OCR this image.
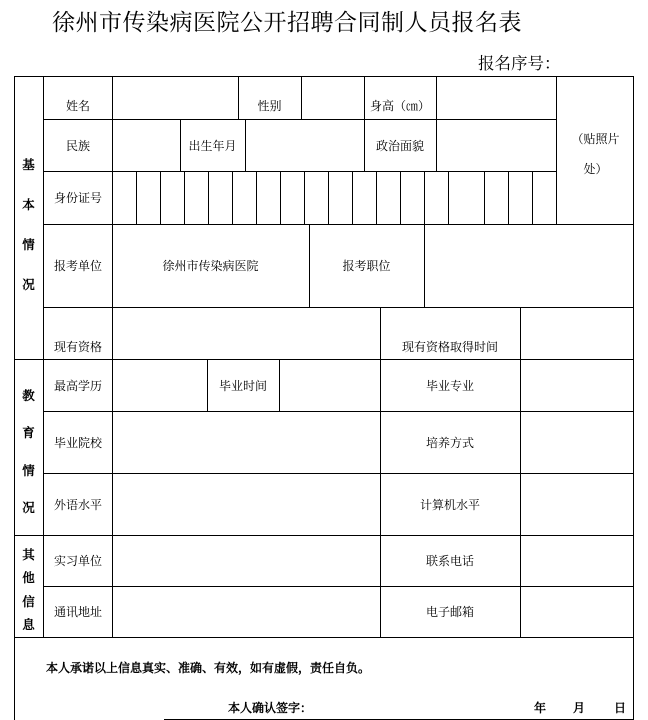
徐州市传染病医院公开招聘合同制人员报名表
报名序号：
基
本
情
况
教
育
情
况
其
他
信
息
姓名	性别	身高（㎝）
民族	出生年月	政治面貌	（贴照片
处）
身份证号
报考单位	徐州市传染病医院	报考职位
现有资格	现有资格取得时间
最高学历	毕业时间	毕业专业
毕业院校	培养方式
外语水平	计算机水平
实习单位	联系电话
通讯地址	电子邮箱
本人承诺以上信息真实、准确、有效，如有虚假，责任自负。
本人确认签字：	年 月 日
